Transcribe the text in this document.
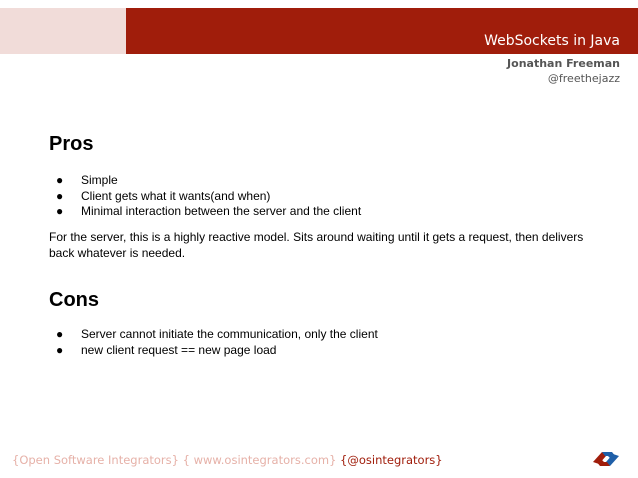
WebSockets in Java
Jonathan Freeman
@freethejazz
Pros
●	Simple
●	Client gets what it wants(and when)
●	Minimal interaction between the server and the client

For the server, this is a highly reactive model. Sits around waiting until it gets a request, then delivers back whatever is needed.

Cons
●	Server cannot initiate the communication, only the client
●	new client request == new page load
{Open Software Integrators} { www.osintegrators.com} {@osintegrators}
